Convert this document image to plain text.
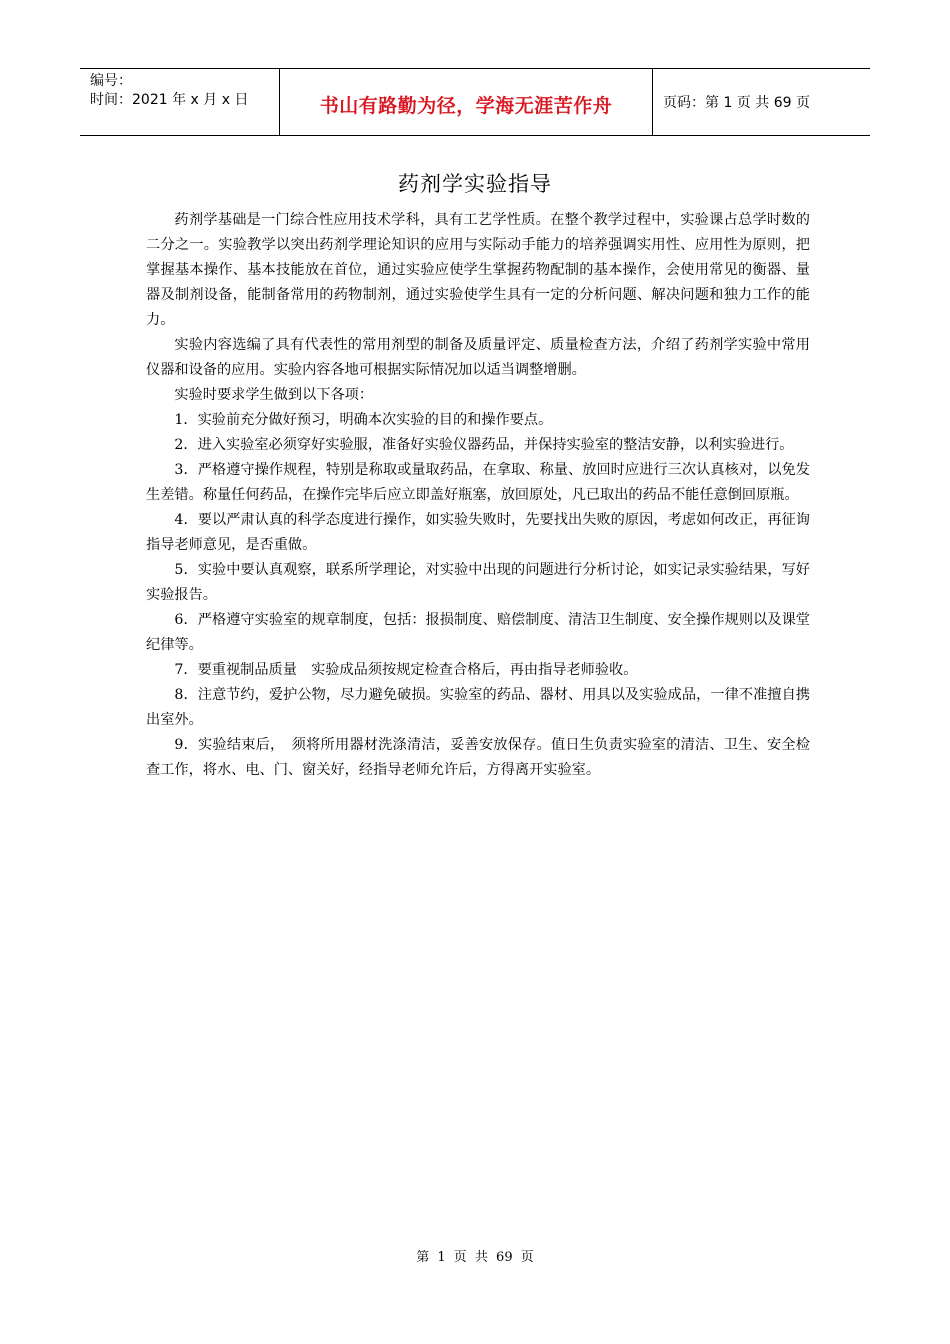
编号：
时间：2021 年 x 月 x 日	书山有路勤为径，学海无涯苦作舟	页码：第 1 页 共 69 页
药剂学实验指导

药剂学基础是一门综合性应用技术学科，具有工艺学性质。在整个教学过程中，实验课占总学时数的二分之一。实验教学以突出药剂学理论知识的应用与实际动手能力的培养强调实用性、应用性为原则，把掌握基本操作、基本技能放在首位，通过实验应使学生掌握药物配制的基本操作，会使用常见的衡器、量器及制剂设备，能制备常用的药物制剂，通过实验使学生具有一定的分析问题、解决问题和独力工作的能力。

实验内容选编了具有代表性的常用剂型的制备及质量评定、质量检查方法，介绍了药剂学实验中常用仪器和设备的应用。实验内容各地可根据实际情况加以适当调整增删。

实验时要求学生做到以下各项：

1．实验前充分做好预习，明确本次实验的目的和操作要点。

2．进入实验室必须穿好实验服，准备好实验仪器药品，并保持实验室的整洁安静，以利实验进行。

3．严格遵守操作规程，特别是称取或量取药品，在拿取、称量、放回时应进行三次认真核对，以免发生差错。称量任何药品，在操作完毕后应立即盖好瓶塞，放回原处，凡已取出的药品不能任意倒回原瓶。

4．要以严肃认真的科学态度进行操作，如实验失败时，先要找出失败的原因，考虑如何改正，再征询指导老师意见，是否重做。

5．实验中要认真观察，联系所学理论，对实验中出现的问题进行分析讨论，如实记录实验结果，写好实验报告。

6．严格遵守实验室的规章制度，包括：报损制度、赔偿制度、清洁卫生制度、安全操作规则以及课堂纪律等。

7．要重视制品质量　实验成品须按规定检查合格后，再由指导老师验收。

8．注意节约，爱护公物，尽力避免破损。实验室的药品、器材、用具以及实验成品，一律不准擅自携出室外。

9．实验结束后，　须将所用器材洗涤清洁，妥善安放保存。值日生负责实验室的清洁、卫生、安全检查工作，将水、电、门、窗关好，经指导老师允许后，方得离开实验室。

第 1 页 共 69 页
